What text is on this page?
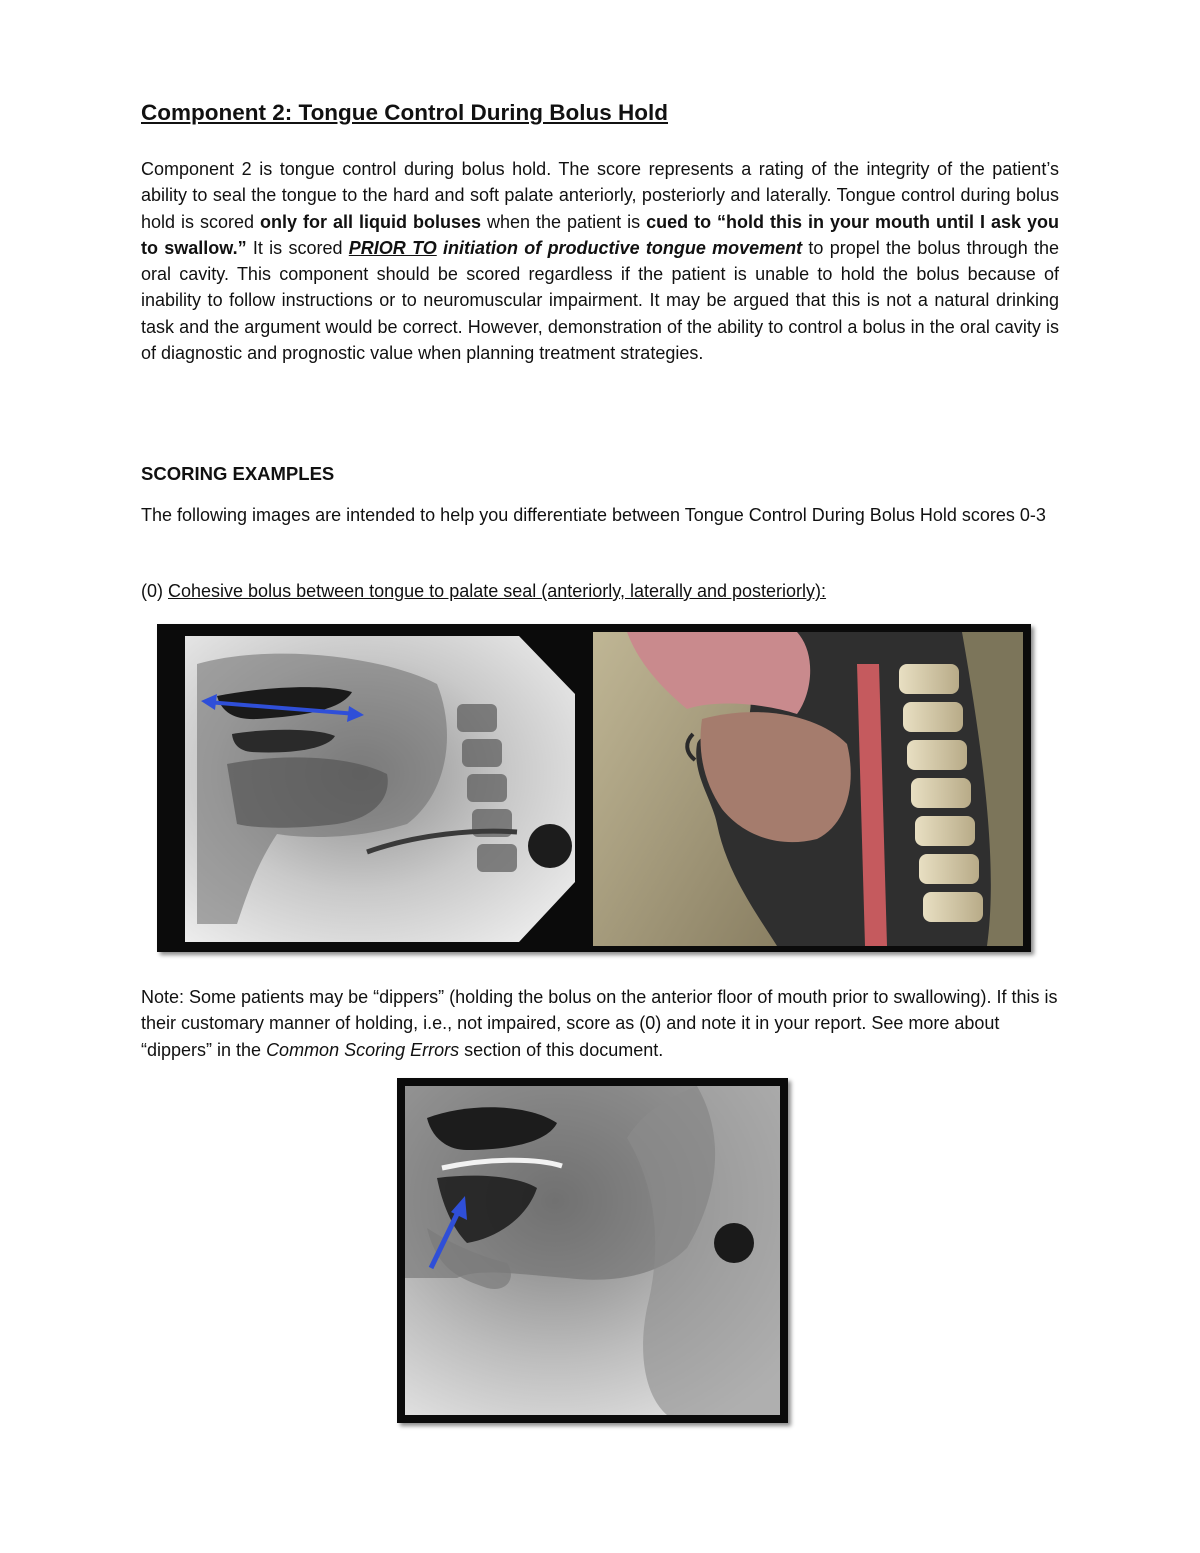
Component 2: Tongue Control During Bolus Hold
Component 2 is tongue control during bolus hold. The score represents a rating of the integrity of the patient’s ability to seal the tongue to the hard and soft palate anteriorly, posteriorly and laterally. Tongue control during bolus hold is scored only for all liquid boluses when the patient is cued to “hold this in your mouth until I ask you to swallow.” It is scored PRIOR TO initiation of productive tongue movement to propel the bolus through the oral cavity. This component should be scored regardless if the patient is unable to hold the bolus because of inability to follow instructions or to neuromuscular impairment. It may be argued that this is not a natural drinking task and the argument would be correct. However, demonstration of the ability to control a bolus in the oral cavity is of diagnostic and prognostic value when planning treatment strategies.
SCORING EXAMPLES
The following images are intended to help you differentiate between Tongue Control During Bolus Hold scores 0-3
(0) Cohesive bolus between tongue to palate seal (anteriorly, laterally and posteriorly):
Note: Some patients may be “dippers” (holding the bolus on the anterior floor of mouth prior to swallowing). If this is their customary manner of holding, i.e., not impaired, score as (0) and note it in your report. See more about “dippers” in the Common Scoring Errors section of this document.
